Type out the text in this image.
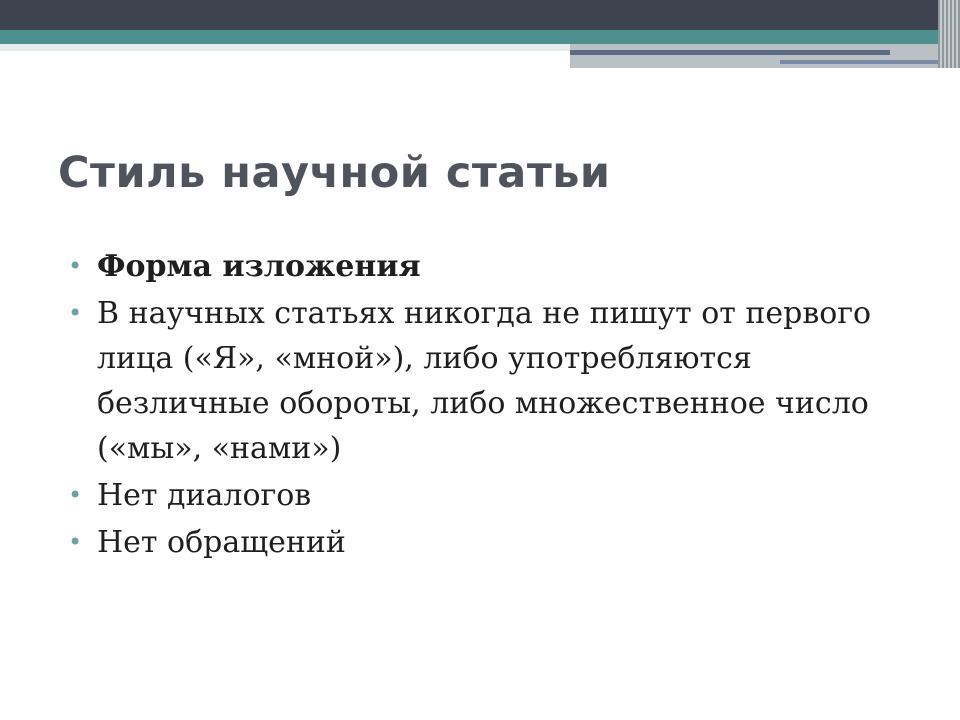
Стиль научной статьи
• Форма изложения
• В научных статьях никогда не пишут от первого лица («Я», «мной»), либо употребляются безличные обороты, либо множественное число («мы», «нами»)
• Нет диалогов
• Нет обращений
